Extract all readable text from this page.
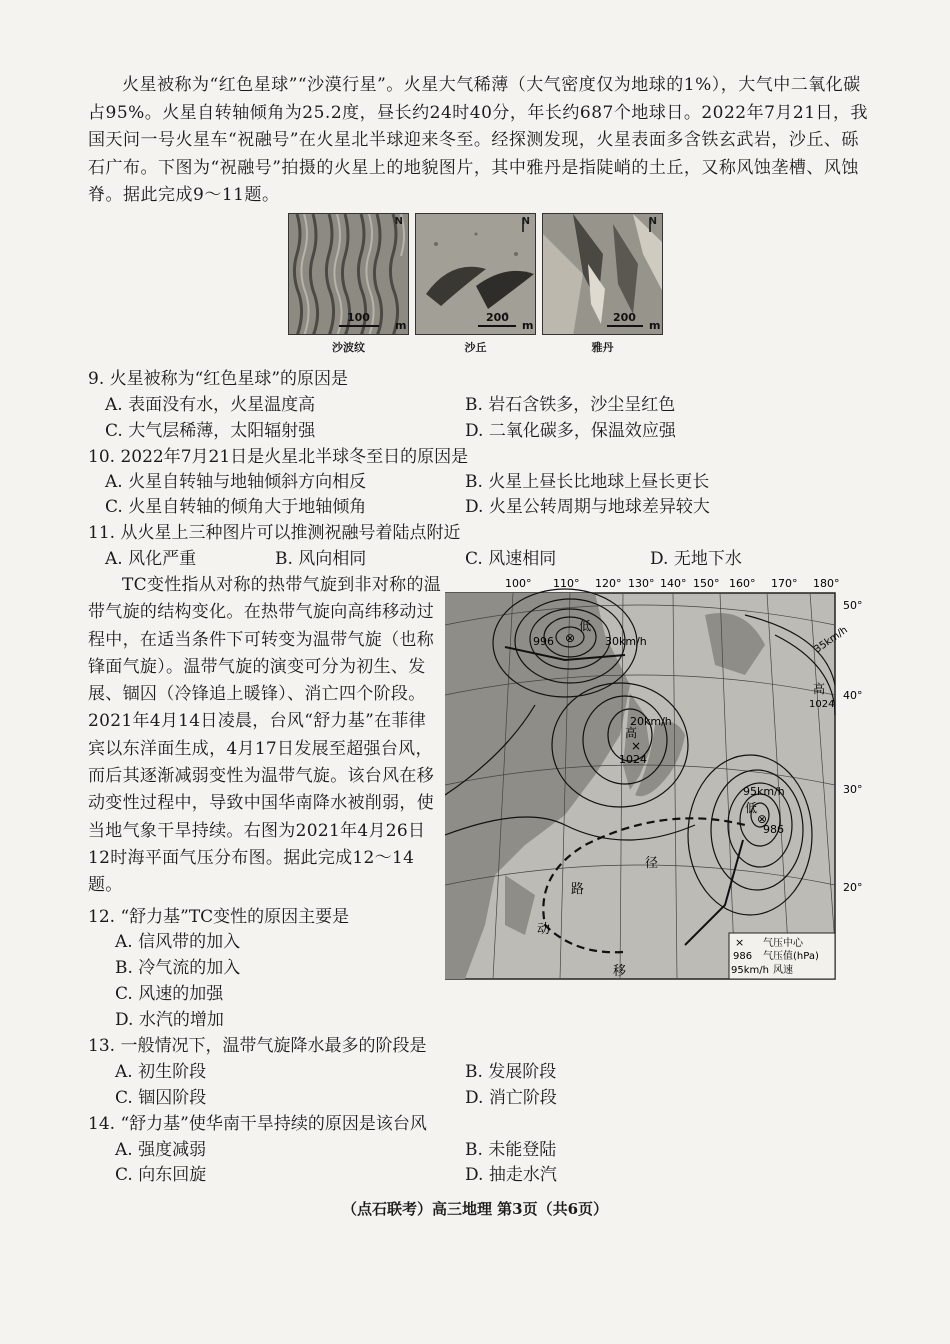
火星被称为“红色星球”“沙漠行星”。火星大气稀薄（大气密度仅为地球的1%），大气中二氧化碳占95%。火星自转轴倾角为25.2度，昼长约24时40分，年长约687个地球日。2022年7月21日，我国天问一号火星车“祝融号”在火星北半球迎来冬至。经探测发现，火星表面多含铁玄武岩，沙丘、砾石广布。下图为“祝融号”拍摄的火星上的地貌图片，其中雅丹是指陡峭的土丘，又称风蚀垄槽、风蚀脊。据此完成9～11题。

N
100
m
N
200
m
N
200
m
沙波纹	沙丘	雅丹
9. 火星被称为“红色星球”的原因是
A. 表面没有水，火星温度高	B. 岩石含铁多，沙尘呈红色
C. 大气层稀薄，太阳辐射强	D. 二氧化碳多，保温效应强
10. 2022年7月21日是火星北半球冬至日的原因是
A. 火星自转轴与地轴倾斜方向相反	B. 火星上昼长比地球上昼长更长
C. 火星自转轴的倾角大于地轴倾角	D. 火星公转周期与地球差异较大
11. 从火星上三种图片可以推测祝融号着陆点附近
A. 风化严重	B. 风向相同	C. 风速相同	D. 无地下水

TC变性指从对称的热带气旋到非对称的温带气旋的结构变化。在热带气旋向高纬移动过程中，在适当条件下可转变为温带气旋（也称锋面气旋）。温带气旋的演变可分为初生、发展、锢囚（冷锋追上暖锋）、消亡四个阶段。2021年4月14日凌晨，台风“舒力基”在菲律宾以东洋面生成，4月17日发展至超强台风，而后其逐渐减弱变性为温带气旋。该台风在移动变性过程中，导致中国华南降水被削弱，使当地气象干旱持续。右图为2021年4月26日12时海平面气压分布图。据此完成12～14题。

⊗
低
996	30km/h
20km/h
高
×
1024
35km/h
高
1024
95km/h
低
⊗
986
路
径
动
移
100° 110° 120° 130° 140° 150° 160° 170° 180°
50°
40°
30°
20°
× 气压中心
986 气压值(hPa)
95km/h 风速
12. “舒力基”TC变性的原因主要是
A. 信风带的加入
B. 冷气流的加入
C. 风速的加强
D. 水汽的增加
13. 一般情况下，温带气旋降水最多的阶段是
A. 初生阶段	B. 发展阶段
C. 锢囚阶段	D. 消亡阶段
14. “舒力基”使华南干旱持续的原因是该台风
A. 强度减弱	B. 未能登陆
C. 向东回旋	D. 抽走水汽
（点石联考）高三地理 第3页（共6页）
